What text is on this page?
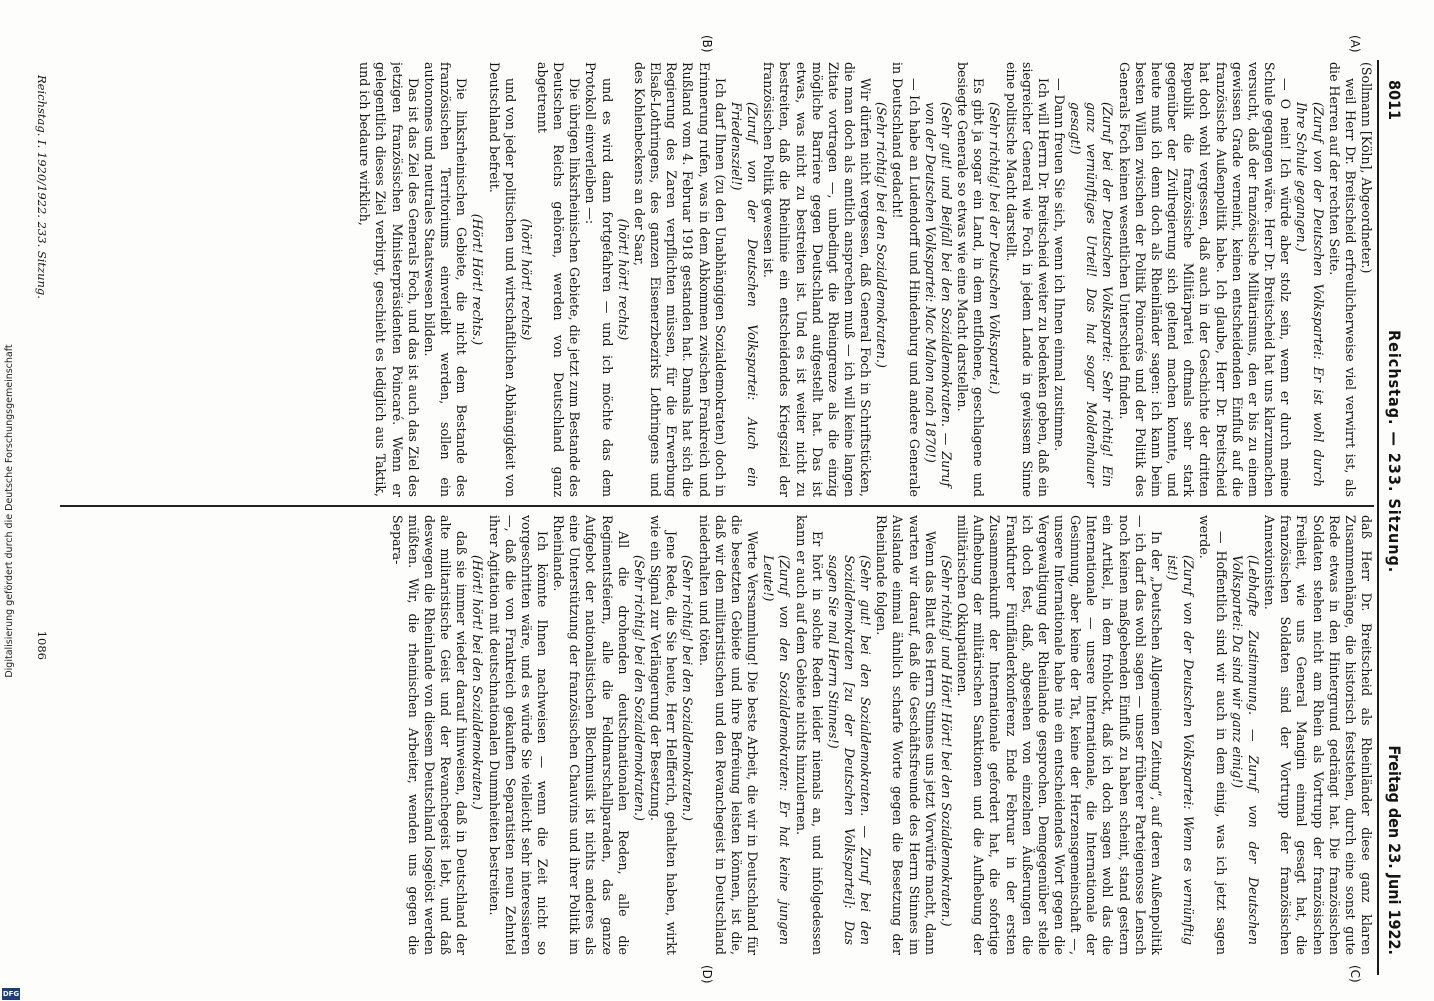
8011
Reichstag. — 233. Sitzung.
Freitag den 23. Juni 1922.
(A)
(B)
(C)
(D)

(Sollmann [Köln], Abgeordneter.)

weil Herr Dr. Breitscheid erfreulicherweise viel verwirrt ist, als die Herren auf der rechten Seite.

(Zuruf von der Deutschen Volkspartei: Er ist wohl durch Ihre Schule gegangen.)

— O nein! Ich würde aber stolz sein, wenn er durch meine Schule gegangen wäre. Herr Dr. Breitscheid hat uns klarzumachen versucht, daß der französische Militarismus, den er bis zu einem gewissen Grade verneint, keinen entscheidenden Einfluß auf die französische Außenpolitik habe. Ich glaube, Herr Dr. Breitscheid hat doch wohl vergessen, daß auch in der Geschichte der dritten Republik die französische Militärpartei oftmals sehr stark gegenüber der Zivilregierung sich geltend machen konnte, und heute muß ich denn doch als Rheinländer sagen: ich kann beim besten Willen zwischen der Politik Poincarés und der Politik des Generals Foch keinen wesentlichen Unterschied finden.

(Zuruf bei der Deutschen Volkspartei: Sehr richtig! Ein ganz vernünftiges Urteil! Das hat sogar Moldenhauer gesagt!)

— Dann freuen Sie sich, wenn ich Ihnen einmal zustimme.

Ich will Herrn Dr. Breitscheid weiter zu bedenken geben, daß ein siegreicher General wie Foch in jedem Lande in gewissem Sinne eine politische Macht darstellt.

(Sehr richtig! bei der Deutschen Volkspartei.)

Es gibt ja sogar ein Land, in dem entflohene, geschlagene und besiegte Generale so etwas wie eine Macht darstellen.

(Sehr gut! und Beifall bei den Sozialdemokraten. — Zuruf von der Deutschen Volkspartei: Mac Mahon nach 1870!)

— Ich habe an Ludendorff und Hindenburg und andere Generale in Deutschland gedacht!

(Sehr richtig! bei den Sozialdemokraten.)

Wir dürfen nicht vergessen, daß General Foch in Schriftstücken, die man doch als amtlich ansprechen muß — ich will keine langen Zitate vortragen —, unbedingt die Rheingrenze als die einzig mögliche Barriere gegen Deutschland aufgestellt hat. Das ist etwas, was nicht zu bestreiten ist. Und es ist weiter nicht zu bestreiten, daß die Rheinlinie ein entscheidendes Kriegsziel der französischen Politik gewesen ist.

(Zuruf von der Deutschen Volkspartei: Auch ein Friedensziel!)

Ich darf Ihnen (zu den Unabhängigen Sozialdemokraten) doch in Erinnerung rufen, was in dem Abkommen zwischen Frankreich und Rußland vom 4. Februar 1918 gestanden hat. Damals hat sich die Regierung des Zaren verpflichten müssen, für die Erwerbung Elsaß-Lothringens, des ganzen Eisenerzbezirks Lothringens und des Kohlenbeckens an der Saar,

(hört! hört! rechts)

und es wird dann fortgefahren — und ich möchte das dem Protokoll einverleiben —:

Die übrigen linksrheinischen Gebiete, die jetzt zum Bestande des Deutschen Reichs gehören, werden von Deutschland ganz abgetrennt

(hört! hört! rechts)

und von jeder politischen und wirtschaftlichen Abhängigkeit von Deutschland befreit.

(Hört! Hört! rechts.)

Die linksrheinischen Gebiete, die nicht dem Bestande des französischen Territoriums einverleibt werden, sollen ein autonomes und neutrales Staatswesen bilden.

Das ist das Ziel des Generals Foch, und das ist auch das Ziel des jetzigen französischen Ministerpräsidenten Poincaré. Wenn er gelegentlich dieses Ziel verbirgt, geschieht es lediglich aus Taktik, und ich bedaure wirklich,

daß Herr Dr. Breitscheid als Rheinländer diese ganz klaren Zusammenhänge, die historisch feststehen, durch eine sonst gute Rede etwas in den Hintergrund gedrängt hat. Die französischen Soldaten stehen nicht am Rhein als Vortrupp der französischen Freiheit, wie uns General Mangin einmal gesagt hat, die französischen Soldaten sind der Vortrupp der französischen Annexionisten.

(Lebhafte Zustimmung. — Zuruf von der Deutschen Volkspartei: Da sind wir ganz einig!)

— Hoffentlich sind wir auch in dem einig, was ich jetzt sagen werde.

(Zuruf von der Deutschen Volkspartei: Wenn es vernünftig ist!)

In der „Deutschen Allgemeinen Zeitung“, auf deren Außenpolitik — ich darf das wohl sagen — unser früherer Parteigenosse Lensch noch keinen maßgebenden Einfluß zu haben scheint, stand gestern ein Artikel, in dem frohlockt, daß ich doch sagen wohl das die Internationale — unsere Internationale, die Internationale der Gesinnung, aber keine der Tat, keine der Herzensgemeinschaft —, unsere Internationale habe nie ein entscheidendes Wort gegen die Vergewaltigung der Rheinlande gesprochen. Demgegenüber stelle ich doch fest, daß, abgesehen von einzelnen Äußerungen die Frankfurter Fünfländerkonferenz Ende Februar in der ersten Zusammenkunft der Internationale gefordert hat, die sofortige Aufhebung der militärischen Sanktionen und die Aufhebung der militärischen Okkupationen.

(Sehr richtig! und Hört! Hört! bei den Sozialdemokraten.)

Wenn das Blatt des Herrn Stinnes uns jetzt Vorwürfe macht, dann warten wir darauf, daß die Geschäftsfreunde des Herrn Stinnes im Auslande einmal ähnlich scharfe Worte gegen die Besetzung der Rheinlande folgen.

(Sehr gut! bei den Sozialdemokraten. — Zuruf bei den Sozialdemokraten [zu der Deutschen Volkspartei]: Das sagen Sie mal Herrn Stinnes!)

Er hört in solche Reden leider niemals an, und infolgedessen kann er auch auf dem Gebiete nichts hinzulernen.

(Zuruf von den Sozialdemokraten: Er hat keine jungen Leute!)

Werte Versammlung! Die beste Arbeit, die wir in Deutschland für die besetzten Gebiete und ihre Befreiung leisten können, ist die, daß wir den militaristischen und den Revanchegeist in Deutschland niederhalten und töten.

(Sehr richtig! bei den Sozialdemokraten.)

Jene Rede, die Sie heute, Herr Helfferich, gehalten haben, wirkt wie ein Signal zur Verlängerung der Besetzung.

(Sehr richtig! bei den Sozialdemokraten.)

All die drohenden deutschnationalen Reden, alle die Regimentsfeiern, alle die Feldmarschallparaden, das ganze Aufgebot der nationalistischen Blechmusik ist nichts anderes als eine Unterstützung der französischen Chauvins und ihrer Politik im Rheinlande.

Ich könnte Ihnen nachweisen — wenn die Zeit nicht so vorgeschritten wäre, und es würde Sie vielleicht sehr interessieren —, daß die von Frankreich gekauften Separatisten neun Zehntel ihrer Agitation mit deutschnationalen Dummheiten bestreiten.

(Hört! hört! bei den Sozialdemokraten.)

daß sie immer wieder darauf hinweisen, daß in Deutschland der alte militaristische Geist und der Revanchegeist lebt, und daß deswegen die Rheinlande von diesem Deutschland losgelöst werden müßten. Wir, die rheinischen Arbeiter, wenden uns gegen die Separa-

Reichstag. I. 1920/1922. 233. Sitzung.
1086
DFG
Digitalisierung gefördert durch die Deutsche Forschungsgemeinschaft
